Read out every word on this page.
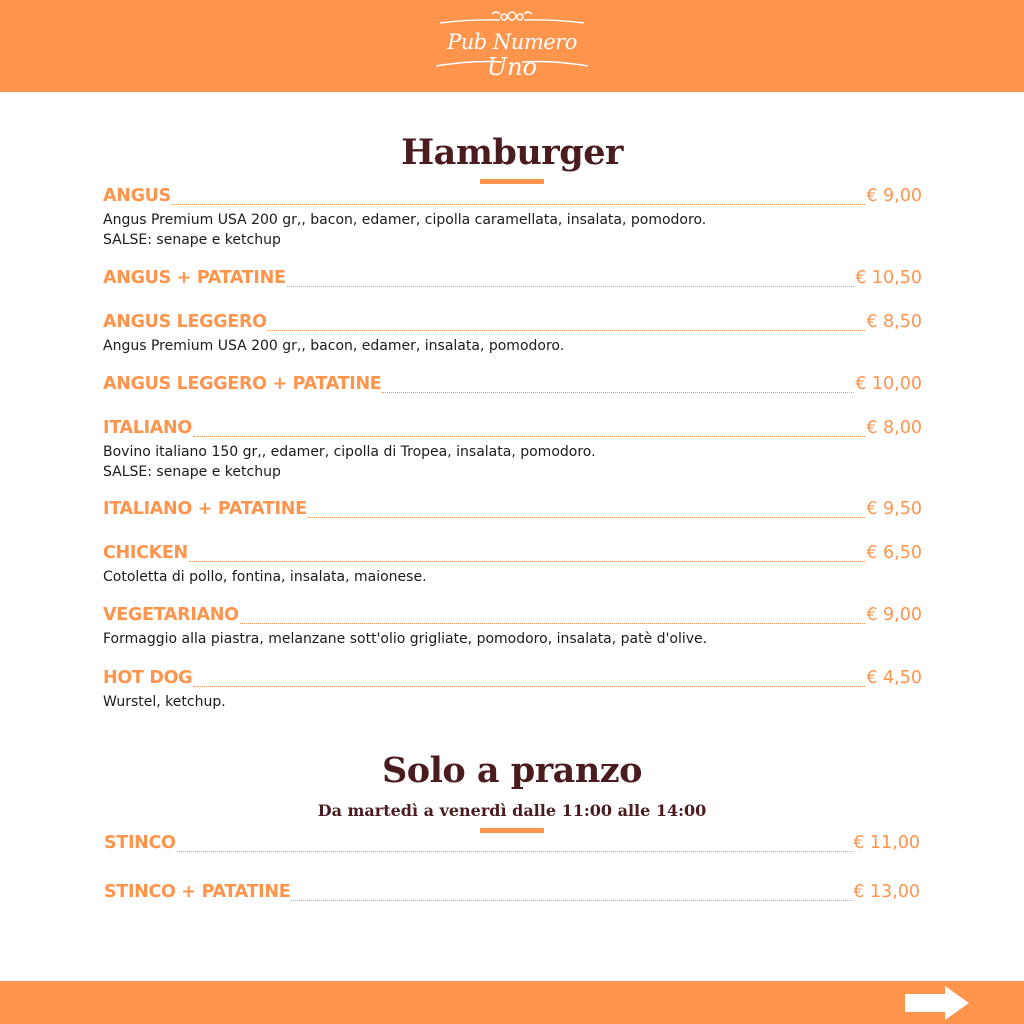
Pub Numero
Uno
Hamburger
ANGUS	€ 9,00
Angus Premium USA 200 gr,, bacon, edamer, cipolla caramellata, insalata, pomodoro.
SALSE: senape e ketchup
ANGUS + PATATINE	€ 10,50
ANGUS LEGGERO	€ 8,50
Angus Premium USA 200 gr,, bacon, edamer, insalata, pomodoro.
ANGUS LEGGERO + PATATINE	€ 10,00
ITALIANO	€ 8,00
Bovino italiano 150 gr,, edamer, cipolla di Tropea, insalata, pomodoro.
SALSE: senape e ketchup
ITALIANO + PATATINE	€ 9,50
CHICKEN	€ 6,50
Cotoletta di pollo, fontina, insalata, maionese.
VEGETARIANO	€ 9,00
Formaggio alla piastra, melanzane sott'olio grigliate, pomodoro, insalata, patè d'olive.
HOT DOG	€ 4,50
Wurstel, ketchup.
Solo a pranzo
Da martedì a venerdì dalle 11:00 alle 14:00
STINCO	€ 11,00
STINCO + PATATINE	€ 13,00
